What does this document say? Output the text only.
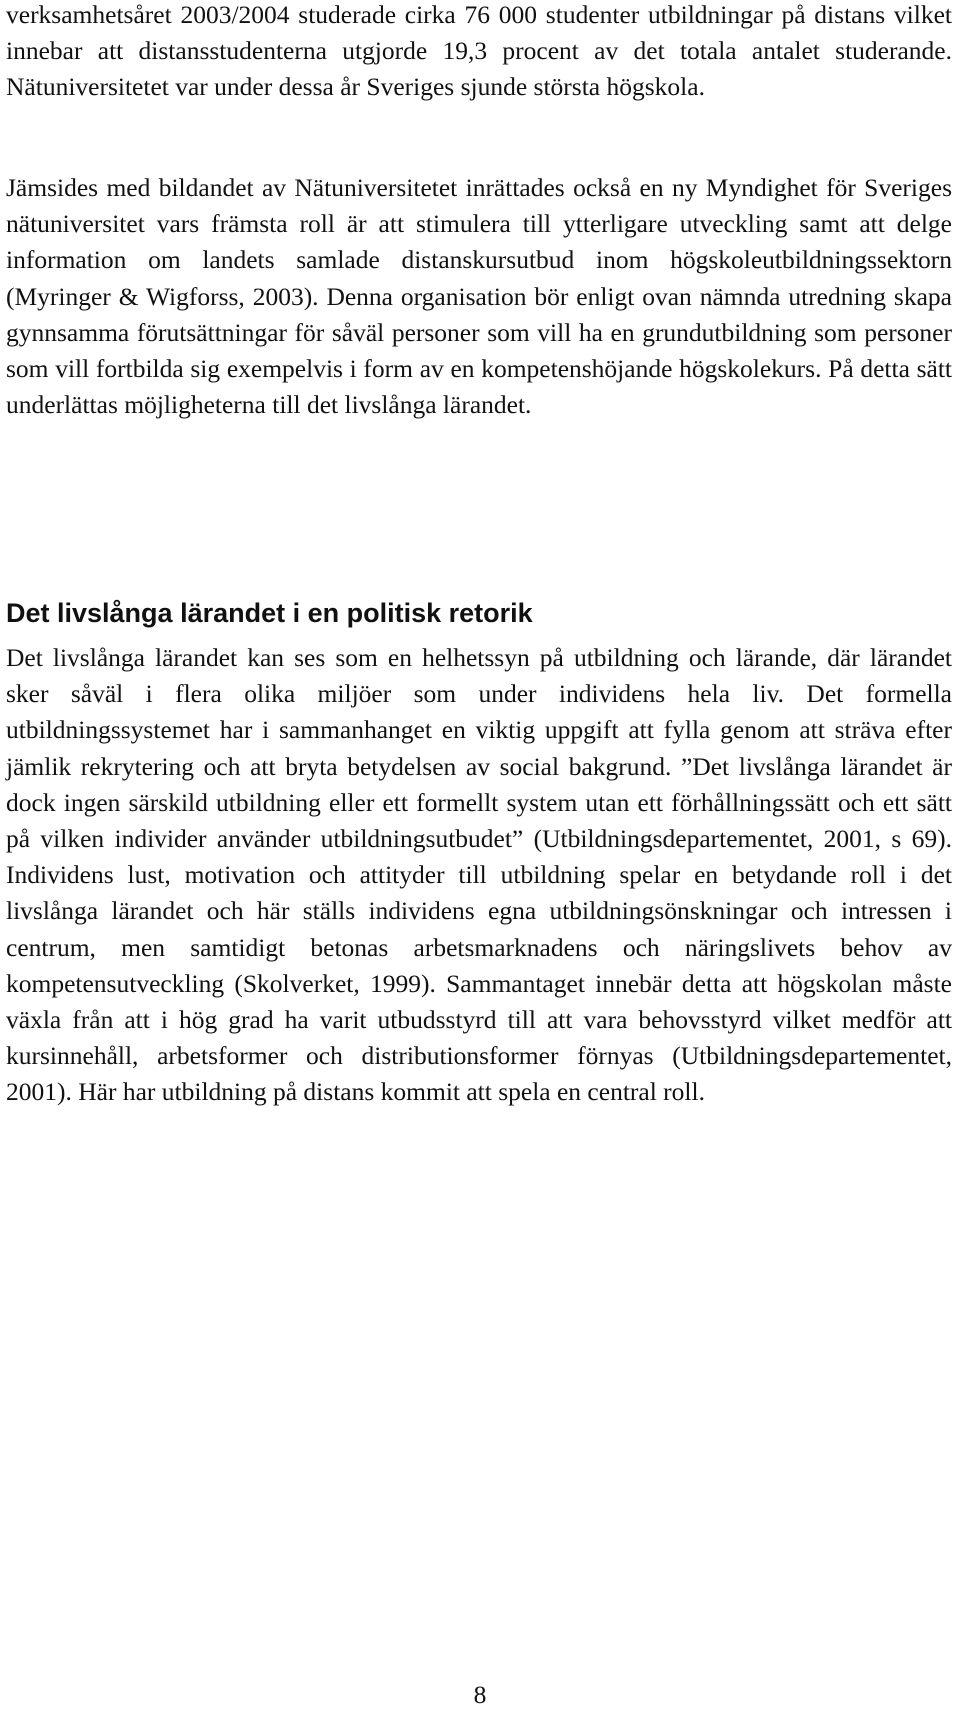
verksamhetsåret 2003/2004 studerade cirka 76 000 studenter utbildningar på distans vilket innebar att distansstudenterna utgjorde 19,3 procent av det totala antalet studerande. Nätuniversitetet var under dessa år Sveriges sjunde största högskola.

Jämsides med bildandet av Nätuniversitetet inrättades också en ny Myndighet för Sveriges nätuniversitet vars främsta roll är att stimulera till ytterligare utveckling samt att delge information om landets samlade distanskursutbud inom högskoleutbildningssektorn (Myringer & Wigforss, 2003). Denna organisation bör enligt ovan nämnda utredning skapa gynnsamma förutsättningar för såväl personer som vill ha en grundutbildning som personer som vill fortbilda sig exempelvis i form av en kompetenshöjande högskolekurs. På detta sätt underlättas möjligheterna till det livslånga lärandet.

Det livslånga lärandet i en politisk retorik

Det livslånga lärandet kan ses som en helhetssyn på utbildning och lärande, där lärandet sker såväl i flera olika miljöer som under individens hela liv. Det formella utbildningssystemet har i sammanhanget en viktig uppgift att fylla genom att sträva efter jämlik rekrytering och att bryta betydelsen av social bakgrund. ”Det livslånga lärandet är dock ingen särskild utbildning eller ett formellt system utan ett förhållningssätt och ett sätt på vilken individer använder utbildningsutbudet” (Utbildningsdepartementet, 2001, s 69). Individens lust, motivation och attityder till utbildning spelar en betydande roll i det livslånga lärandet och här ställs individens egna utbildningsönskningar och intressen i centrum, men samtidigt betonas arbetsmarknadens och näringslivets behov av kompetensutveckling (Skolverket, 1999). Sammantaget innebär detta att högskolan måste växla från att i hög grad ha varit utbudsstyrd till att vara behovsstyrd vilket medför att kursinnehåll, arbetsformer och distributionsformer förnyas (Utbildningsdepartementet, 2001). Här har utbildning på distans kommit att spela en central roll.

8
